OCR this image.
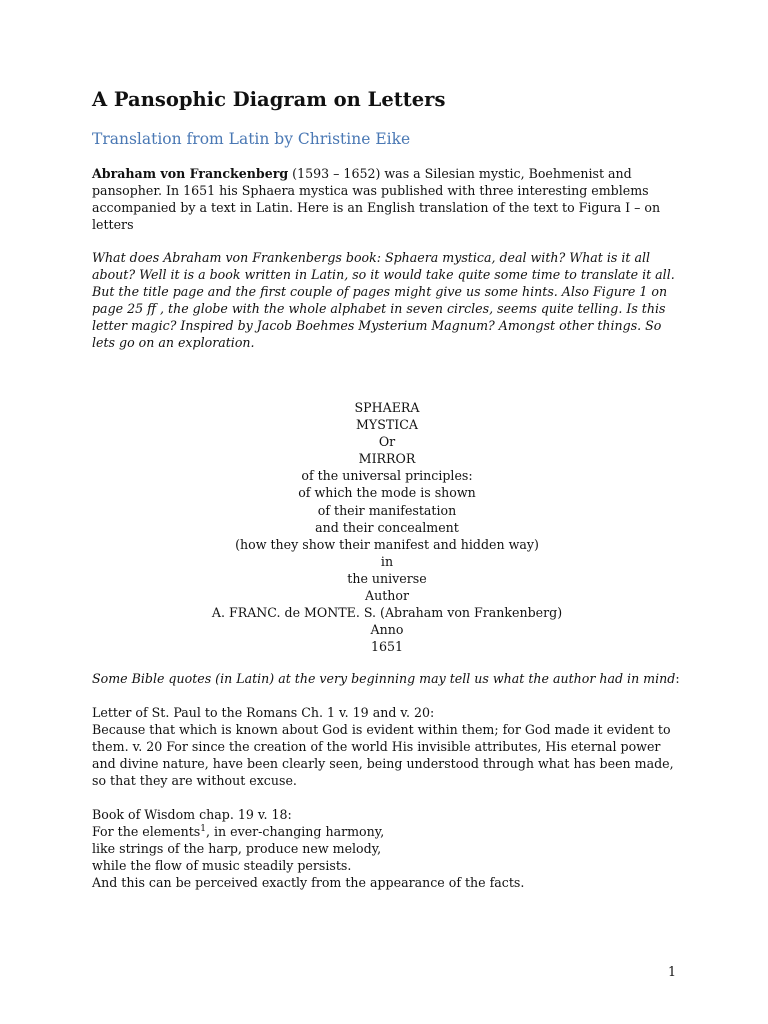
A Pansophic Diagram on Letters
Translation from Latin by Christine Eike

Abraham von Franckenberg (1593 – 1652) was a Silesian mystic, Boehmenist and pansopher. In 1651 his Sphaera mystica was published with three interesting emblems accompanied by a text in Latin. Here is an English translation of the text to Figura I – on letters

What does Abraham von Frankenbergs book: Sphaera mystica, deal with? What is it all about? Well it is a book written in Latin, so it would take quite some time to translate it all. But the title page and the first couple of pages might give us some hints. Also Figure 1 on page 25 ff , the globe with the whole alphabet in seven circles, seems quite telling. Is this letter magic? Inspired by Jacob Boehmes Mysterium Magnum? Amongst other things. So lets go on an exploration.

SPHAERA
MYSTICA
Or
MIRROR
of the universal principles:
of which the mode is shown
of their manifestation
and their concealment
(how they show their manifest and hidden way)
in
the universe
Author
A. FRANC. de MONTE. S. (Abraham von Frankenberg)
Anno
1651

Some Bible quotes (in Latin) at the very beginning may tell us what the author had in mind:

Letter of St. Paul to the Romans Ch. 1 v. 19 and v. 20:

Because that which is known about God is evident within them; for God made it evident to them. v. 20 For since the creation of the world His invisible attributes, His eternal power and divine nature, have been clearly seen, being understood through what has been made, so that they are without excuse.

Book of Wisdom chap. 19 v. 18:

For the elements$^1$, in ever-changing harmony,

like strings of the harp, produce new melody,

while the flow of music steadily persists.

And this can be perceived exactly from the appearance of the facts.

1
